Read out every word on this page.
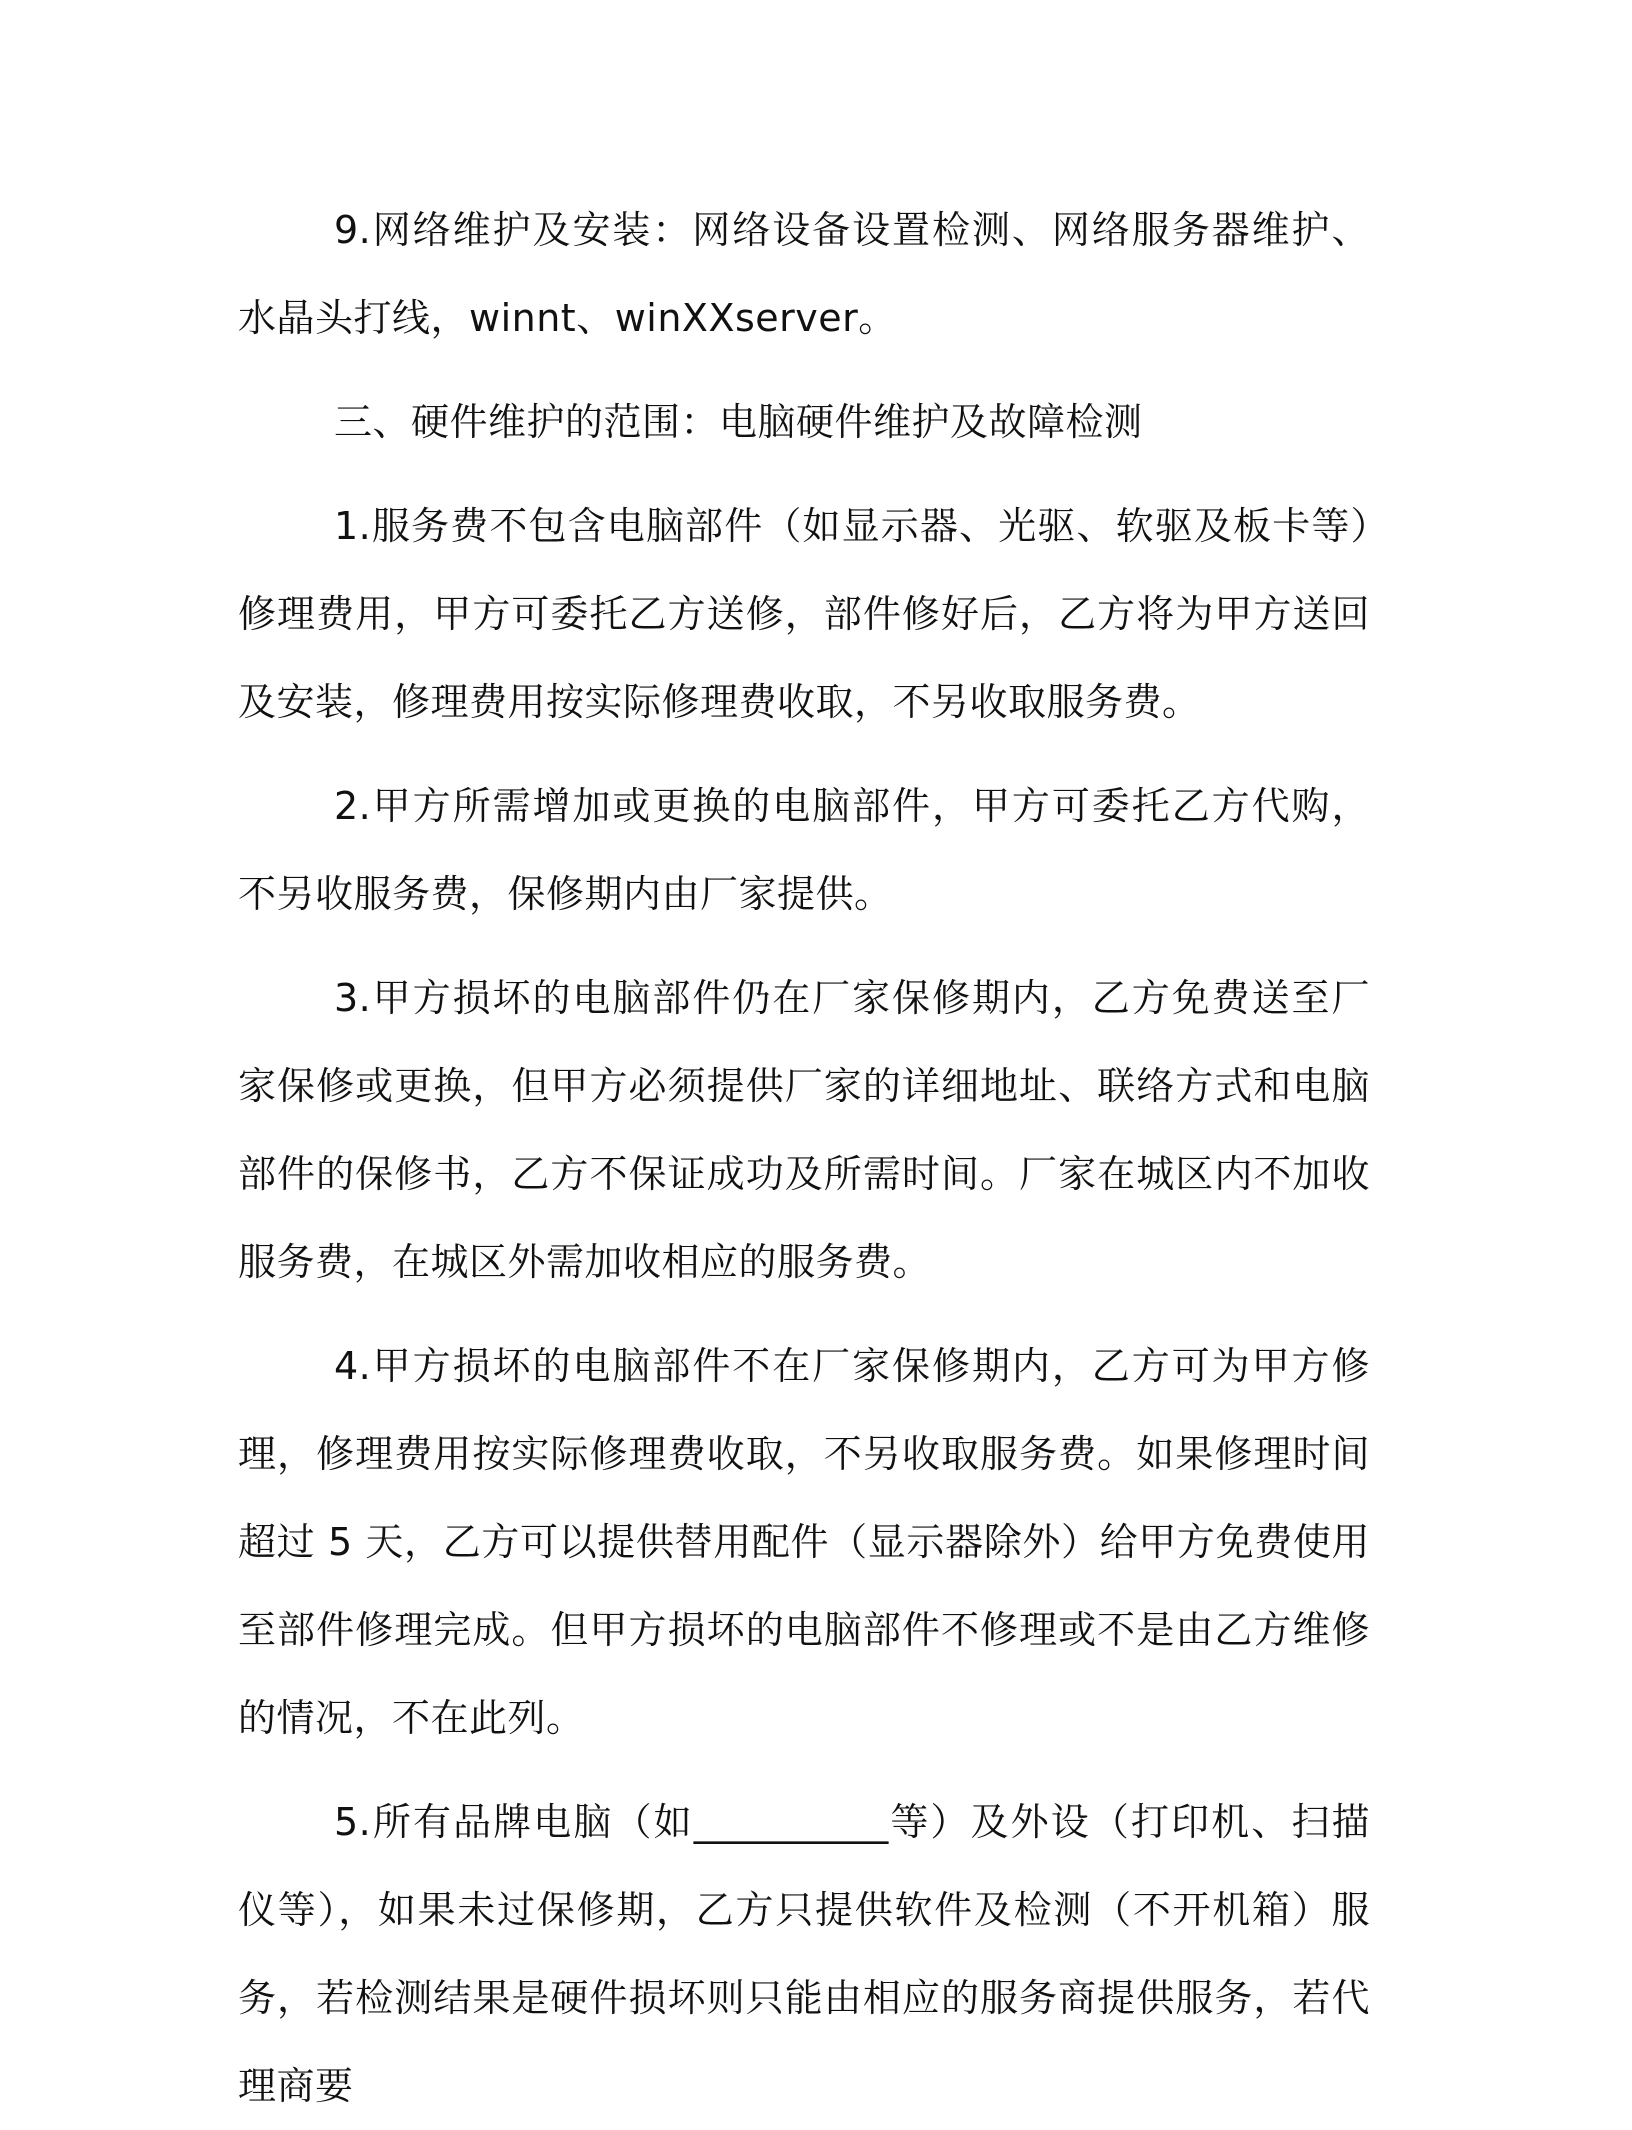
9.网络维护及安装：网络设备设置检测、网络服务器维护、水晶头打线，winnt、winXXserver。

三、硬件维护的范围：电脑硬件维护及故障检测

1.服务费不包含电脑部件（如显示器、光驱、软驱及板卡等）修理费用，甲方可委托乙方送修，部件修好后，乙方将为甲方送回及安装，修理费用按实际修理费收取，不另收取服务费。

2.甲方所需增加或更换的电脑部件，甲方可委托乙方代购，不另收服务费，保修期内由厂家提供。

3.甲方损坏的电脑部件仍在厂家保修期内，乙方免费送至厂家保修或更换，但甲方必须提供厂家的详细地址、联络方式和电脑部件的保修书，乙方不保证成功及所需时间。厂家在城区内不加收服务费，在城区外需加收相应的服务费。

4.甲方损坏的电脑部件不在厂家保修期内，乙方可为甲方修理，修理费用按实际修理费收取，不另收取服务费。如果修理时间超过 5 天，乙方可以提供替用配件（显示器除外）给甲方免费使用至部件修理完成。但甲方损坏的电脑部件不修理或不是由乙方维修的情况，不在此列。

5.所有品牌电脑（如__________等）及外设（打印机、扫描仪等），如果未过保修期，乙方只提供软件及检测（不开机箱）服务，若检测结果是硬件损坏则只能由相应的服务商提供服务，若代理商要
